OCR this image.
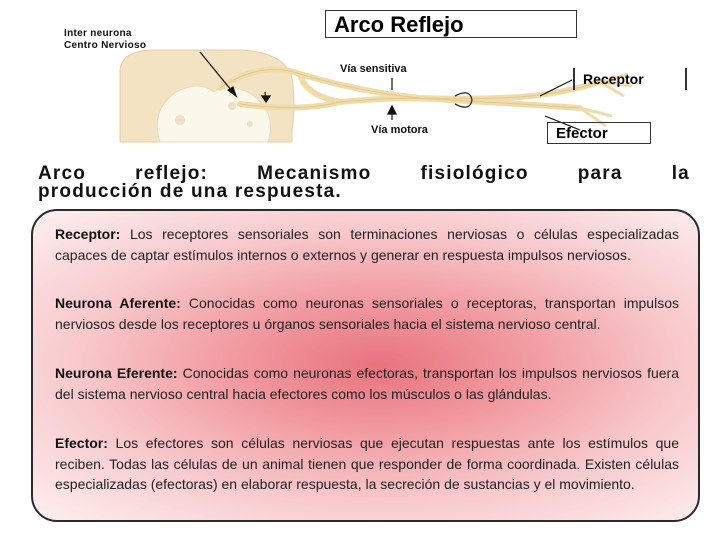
Inter neurona
Centro Nervioso
Arco Reflejo
Vía sensitiva
Vía motora
Receptor
Efector
Arco	reflejo:	Mecanismo	fisiológico	para	la
producción de una respuesta.

Receptor: Los receptores sensoriales son terminaciones nerviosas o células especializadas capaces de captar estímulos internos o externos y generar en respuesta impulsos nerviosos.

Neurona Aferente: Conocidas como neuronas sensoriales o receptoras, transportan impulsos nerviosos desde los receptores u órganos sensoriales hacia el sistema nervioso central.

Neurona Eferente: Conocidas como neuronas efectoras, transportan los impulsos nerviosos fuera del sistema nervioso central hacia efectores como los músculos o las glándulas.

Efector: Los efectores son células nerviosas que ejecutan respuestas ante los estímulos que reciben. Todas las células de un animal tienen que responder de forma coordinada. Existen células especializadas (efectoras) en elaborar respuesta, la secreción de sustancias y el movimiento.
